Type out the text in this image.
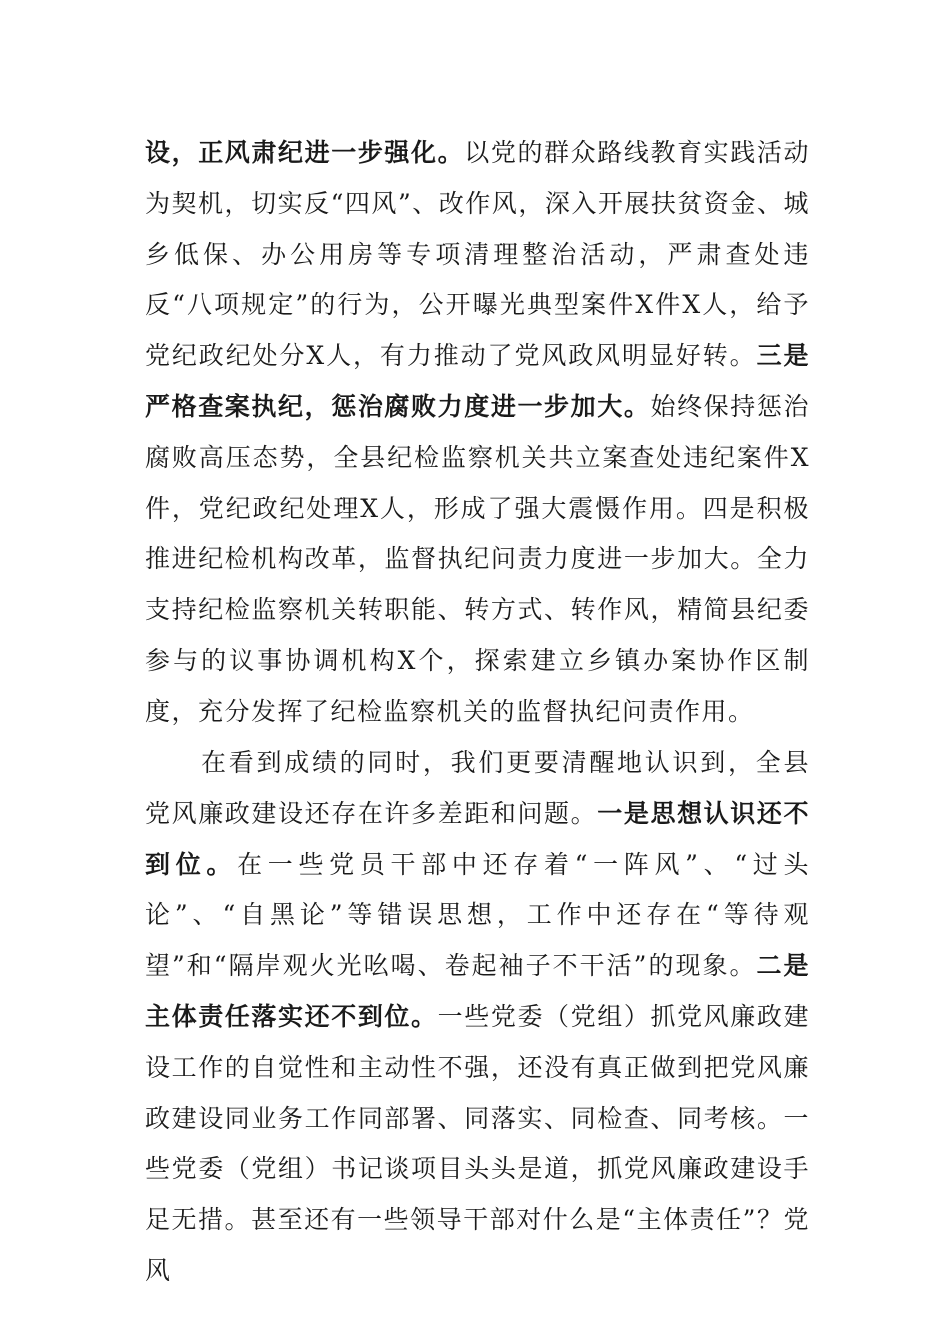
设，正风肃纪进一步强化。以党的群众路线教育实践活动为契机，切实反“四风”、改作风，深入开展扶贫资金、城乡低保、办公用房等专项清理整治活动，严肃查处违反“八项规定”的行为，公开曝光典型案件X件X人，给予党纪政纪处分X人，有力推动了党风政风明显好转。三是严格查案执纪，惩治腐败力度进一步加大。始终保持惩治腐败高压态势，全县纪检监察机关共立案查处违纪案件X件，党纪政纪处理X人，形成了强大震慑作用。四是积极推进纪检机构改革，监督执纪问责力度进一步加大。全力支持纪检监察机关转职能、转方式、转作风，精简县纪委参与的议事协调机构X个，探索建立乡镇办案协作区制度，充分发挥了纪检监察机关的监督执纪问责作用。

在看到成绩的同时，我们更要清醒地认识到，全县党风廉政建设还存在许多差距和问题。一是思想认识还不到位。在一些党员干部中还存着“一阵风”、“过头论”、“自黑论”等错误思想，工作中还存在“等待观望”和“隔岸观火光吆喝、卷起袖子不干活”的现象。二是主体责任落实还不到位。一些党委（党组）抓党风廉政建设工作的自觉性和主动性不强，还没有真正做到把党风廉政建设同业务工作同部署、同落实、同检查、同考核。一些党委（党组）书记谈项目头头是道，抓党风廉政建设手足无措。甚至还有一些领导干部对什么是“主体责任”？党风
